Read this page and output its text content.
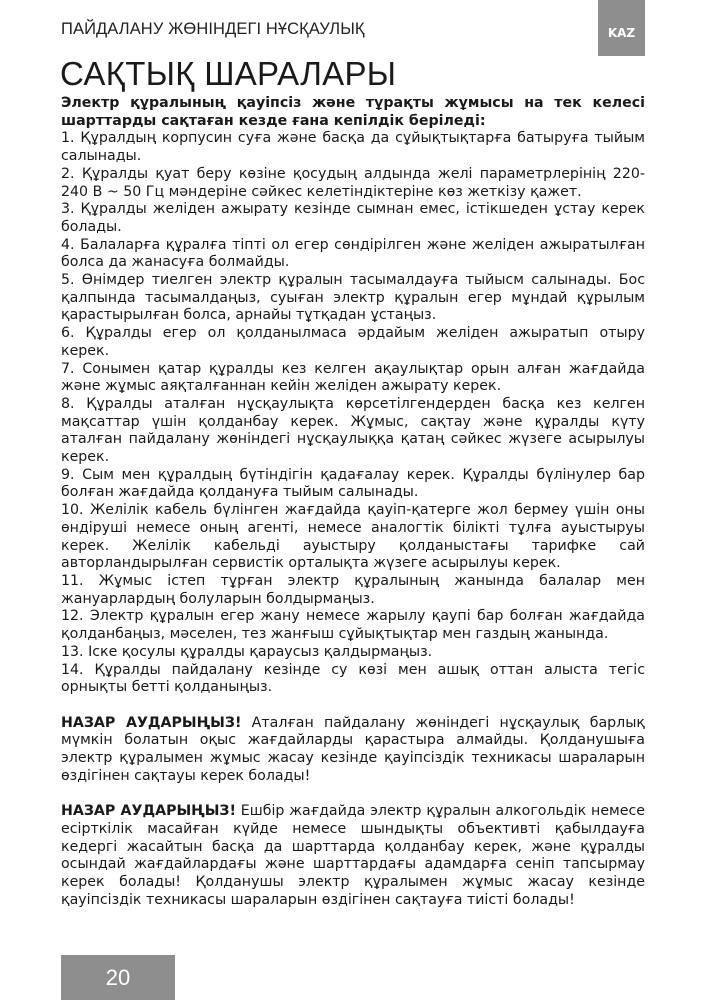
ПАЙДАЛАНУ ЖӨНІНДЕГІ НҰСҚАУЛЫҚ	KAZ
САҚТЫҚ ШАРАЛАРЫ

Электр құралының қауіпсіз және тұрақты жұмысы на тек келесі шарттарды сақтаған кезде ғана кепілдік беріледі:

1. Құралдың корпусин суға және басқа да сұйықтықтарға батыруға тыйым салынады.

2. Құралды қуат беру көзіне қосудың алдында желі параметрлерінің 220-240 В ~ 50 Гц мәндеріне сәйкес келетіндіктеріне көз жеткізу қажет.

3. Құралды желіден ажырату кезінде сымнан емес, істікшеден ұстау керек болады.

4. Балаларға құралға тіпті ол егер сөндірілген және желіден ажыратылған болса да жанасуға болмайды.

5. Өнімдер тиелген электр құралын тасымалдауға тыйысм салынады. Бос қалпында тасымалдаңыз, суыған электр құралын егер мұндай құрылым қарастырылған болса, арнайы тұтқадан ұстаңыз.

6. Құралды егер ол қолданылмаса әрдайым желіден ажыратып отыру керек.

7. Сонымен қатар құралды кез келген ақаулықтар орын алған жағдайда және жұмыс аяқталғаннан кейін желіден ажырату керек.

8. Құралды аталған нұсқаулықта көрсетілгендерден басқа кез келген мақсаттар үшін қолданбау керек. Жұмыс, сақтау және құралды күту аталған пайдалану жөніндегі нұсқаулыққа қатаң сәйкес жүзеге асырылуы керек.

9. Сым мен құралдың бүтіндігін қадағалау керек. Құралды бүлінулер бар болған жағдайда қолдануға тыйым салынады.

10. Желілік кабель бүлінген жағдайда қауіп-қатерге жол бермеу үшін оны өндіруші немесе оның агенті, немесе аналогтік білікті тұлға ауыстыруы керек. Желілік кабельді ауыстыру қолданыстағы тарифке сай авторландырылған сервистік орталықта жүзеге асырылуы керек.

11. Жұмыс істеп тұрған электр құралының жанында балалар мен жануарлардың болуларын болдырмаңыз.

12. Электр құралын егер жану немесе жарылу қаупі бар болған жағдайда қолданбаңыз, мәселен, тез жанғыш сұйықтықтар мен газдың жанында.

13. Іске қосулы құралды қараусыз қалдырмаңыз.

14. Құралды пайдалану кезінде су көзі мен ашық оттан алыста тегіс орнықты бетті қолданыңыз.

НАЗАР АУДАРЫҢЫЗ! Аталған пайдалану жөніндегі нұсқаулық барлық мүмкін болатын оқыс жағдайларды қарастыра алмайды. Қолданушыға электр құралымен жұмыс жасау кезінде қауіпсіздік техникасы шараларын өздігінен сақтауы керек болады!

НАЗАР АУДАРЫҢЫЗ! Ешбір жағдайда электр құралын алкогольдік немесе есірткілік масайған күйде немесе шындықты объективті қабылдауға кедергі жасайтын басқа да шарттарда қолданбау керек, және құралды осындай жағдайлардағы және шарттардағы адамдарға сеніп тапсырмау керек болады! Қолданушы электр құралымен жұмыс жасау кезінде қауіпсіздік техникасы шараларын өздігінен сақтауға тиісті болады!

20
